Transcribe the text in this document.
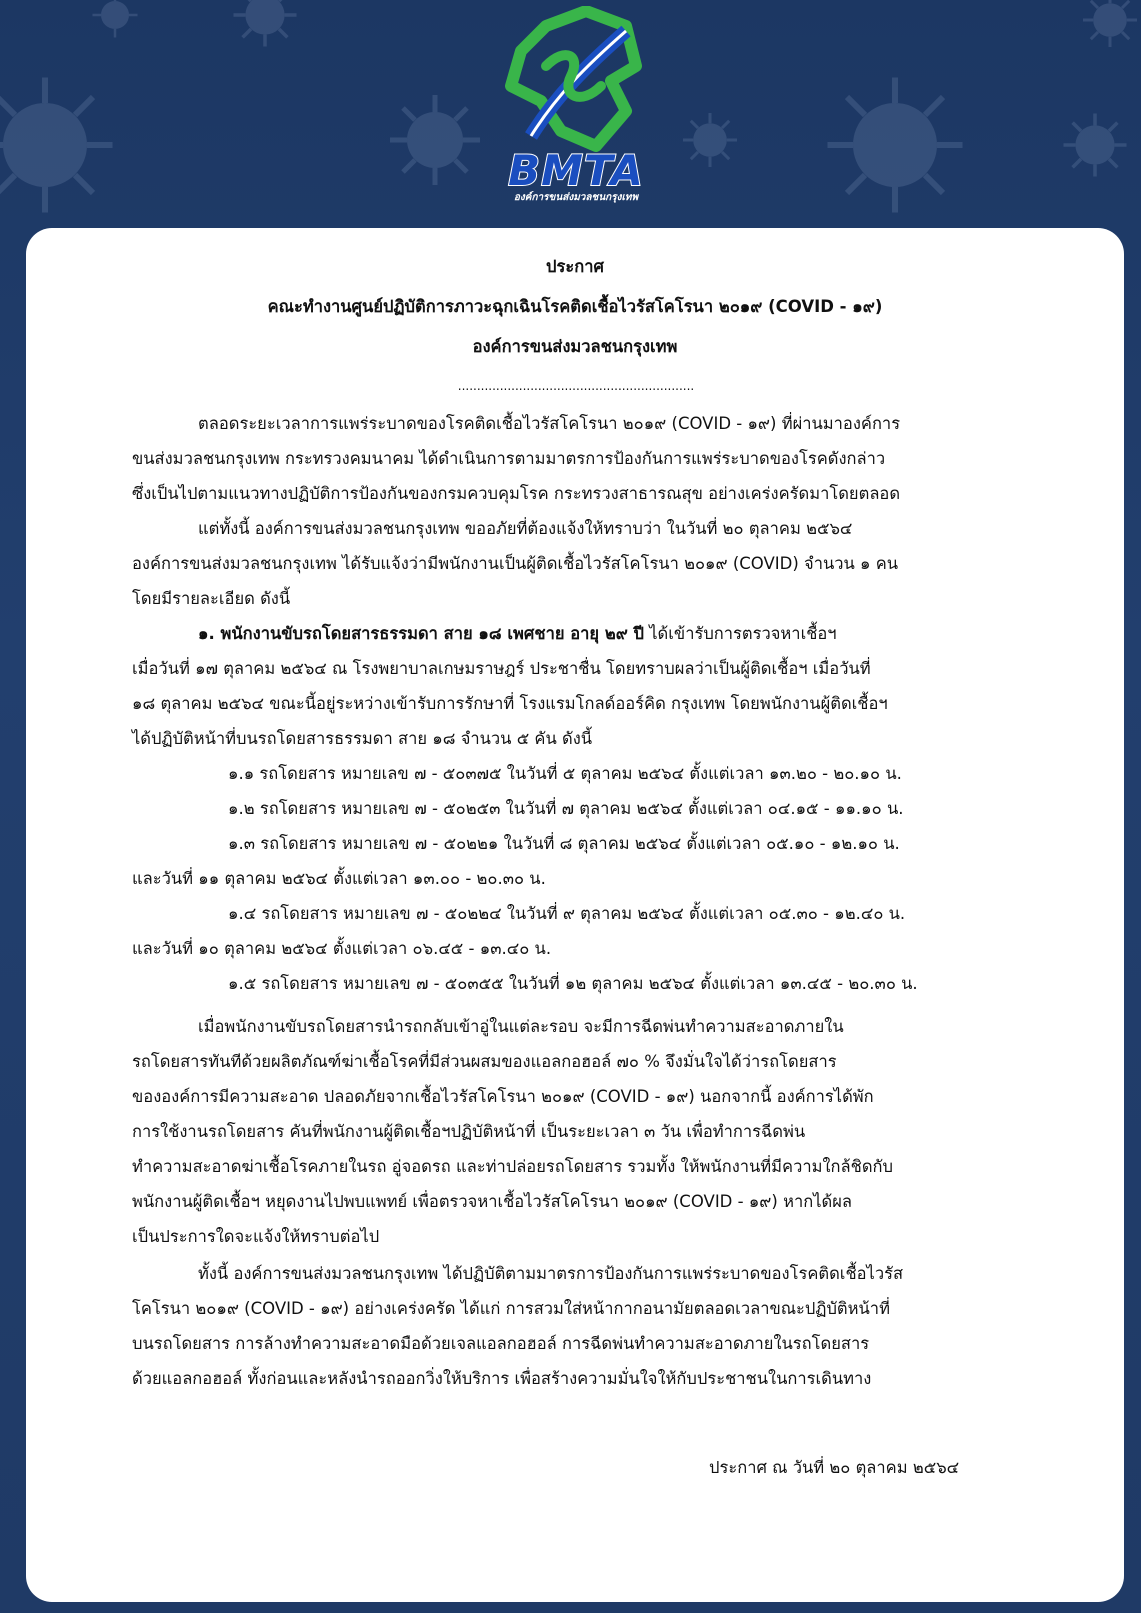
BMTA
องค์การขนส่งมวลชนกรุงเทพ
ประกาศ
คณะทำงานศูนย์ปฏิบัติการภาวะฉุกเฉินโรคติดเชื้อไวรัสโคโรนา ๒๐๑๙ (COVID - ๑๙)
องค์การขนส่งมวลชนกรุงเทพ
..............................................................
ตลอดระยะเวลาการแพร่ระบาดของโรคติดเชื้อไวรัสโคโรนา ๒๐๑๙ (COVID - ๑๙) ที่ผ่านมาองค์การ
ขนส่งมวลชนกรุงเทพ กระทรวงคมนาคม ได้ดำเนินการตามมาตรการป้องกันการแพร่ระบาดของโรคดังกล่าว
ซึ่งเป็นไปตามแนวทางปฏิบัติการป้องกันของกรมควบคุมโรค กระทรวงสาธารณสุข อย่างเคร่งครัดมาโดยตลอด
แต่ทั้งนี้ องค์การขนส่งมวลชนกรุงเทพ ขออภัยที่ต้องแจ้งให้ทราบว่า ในวันที่ ๒๐ ตุลาคม ๒๕๖๔
องค์การขนส่งมวลชนกรุงเทพ ได้รับแจ้งว่ามีพนักงานเป็นผู้ติดเชื้อไวรัสโคโรนา ๒๐๑๙ (COVID) จำนวน ๑ คน
โดยมีรายละเอียด ดังนี้
๑. พนักงานขับรถโดยสารธรรมดา สาย ๑๘ เพศชาย อายุ ๒๙ ปี ได้เข้ารับการตรวจหาเชื้อฯ
เมื่อวันที่ ๑๗ ตุลาคม ๒๕๖๔ ณ โรงพยาบาลเกษมราษฎร์ ประชาชื่น โดยทราบผลว่าเป็นผู้ติดเชื้อฯ เมื่อวันที่
๑๘ ตุลาคม ๒๕๖๔ ขณะนี้อยู่ระหว่างเข้ารับการรักษาที่ โรงแรมโกลด์ออร์คิด กรุงเทพ โดยพนักงานผู้ติดเชื้อฯ
ได้ปฏิบัติหน้าที่บนรถโดยสารธรรมดา สาย ๑๘ จำนวน ๕ คัน ดังนี้
๑.๑ รถโดยสาร หมายเลข ๗ - ๕๐๓๗๕ ในวันที่ ๕ ตุลาคม ๒๕๖๔ ตั้งแต่เวลา ๑๓.๒๐ - ๒๐.๑๐ น.
๑.๒ รถโดยสาร หมายเลข ๗ - ๕๐๒๕๓ ในวันที่ ๗ ตุลาคม ๒๕๖๔ ตั้งแต่เวลา ๐๔.๑๕ - ๑๑.๑๐ น.
๑.๓ รถโดยสาร หมายเลข ๗ - ๕๐๒๒๑ ในวันที่ ๘ ตุลาคม ๒๕๖๔ ตั้งแต่เวลา ๐๕.๑๐ - ๑๒.๑๐ น.
และวันที่ ๑๑ ตุลาคม ๒๕๖๔ ตั้งแต่เวลา ๑๓.๐๐ - ๒๐.๓๐ น.
๑.๔ รถโดยสาร หมายเลข ๗ - ๕๐๒๒๔ ในวันที่ ๙ ตุลาคม ๒๕๖๔ ตั้งแต่เวลา ๐๕.๓๐ - ๑๒.๔๐ น.
และวันที่ ๑๐ ตุลาคม ๒๕๖๔ ตั้งแต่เวลา ๐๖.๔๕ - ๑๓.๔๐ น.
๑.๕ รถโดยสาร หมายเลข ๗ - ๕๐๓๕๕ ในวันที่ ๑๒ ตุลาคม ๒๕๖๔ ตั้งแต่เวลา ๑๓.๔๕ - ๒๐.๓๐ น.
เมื่อพนักงานขับรถโดยสารนำรถกลับเข้าอู่ในแต่ละรอบ จะมีการฉีดพ่นทำความสะอาดภายใน
รถโดยสารทันทีด้วยผลิตภัณฑ์ฆ่าเชื้อโรคที่มีส่วนผสมของแอลกอฮอล์ ๗๐ % จึงมั่นใจได้ว่ารถโดยสาร
ขององค์การมีความสะอาด ปลอดภัยจากเชื้อไวรัสโคโรนา ๒๐๑๙ (COVID - ๑๙) นอกจากนี้ องค์การได้พัก
การใช้งานรถโดยสาร คันที่พนักงานผู้ติดเชื้อฯปฏิบัติหน้าที่ เป็นระยะเวลา ๓ วัน เพื่อทำการฉีดพ่น
ทำความสะอาดฆ่าเชื้อโรคภายในรถ อู่จอดรถ และท่าปล่อยรถโดยสาร รวมทั้ง ให้พนักงานที่มีความใกล้ชิดกับ
พนักงานผู้ติดเชื้อฯ หยุดงานไปพบแพทย์ เพื่อตรวจหาเชื้อไวรัสโคโรนา ๒๐๑๙ (COVID - ๑๙) หากได้ผล
เป็นประการใดจะแจ้งให้ทราบต่อไป
ทั้งนี้ องค์การขนส่งมวลชนกรุงเทพ ได้ปฏิบัติตามมาตรการป้องกันการแพร่ระบาดของโรคติดเชื้อไวรัส
โคโรนา ๒๐๑๙ (COVID - ๑๙) อย่างเคร่งครัด ได้แก่ การสวมใส่หน้ากากอนามัยตลอดเวลาขณะปฏิบัติหน้าที่
บนรถโดยสาร การล้างทำความสะอาดมือด้วยเจลแอลกอฮอล์ การฉีดพ่นทำความสะอาดภายในรถโดยสาร
ด้วยแอลกอฮอล์ ทั้งก่อนและหลังนำรถออกวิ่งให้บริการ เพื่อสร้างความมั่นใจให้กับประชาชนในการเดินทาง
ประกาศ ณ วันที่ ๒๐ ตุลาคม ๒๕๖๔
